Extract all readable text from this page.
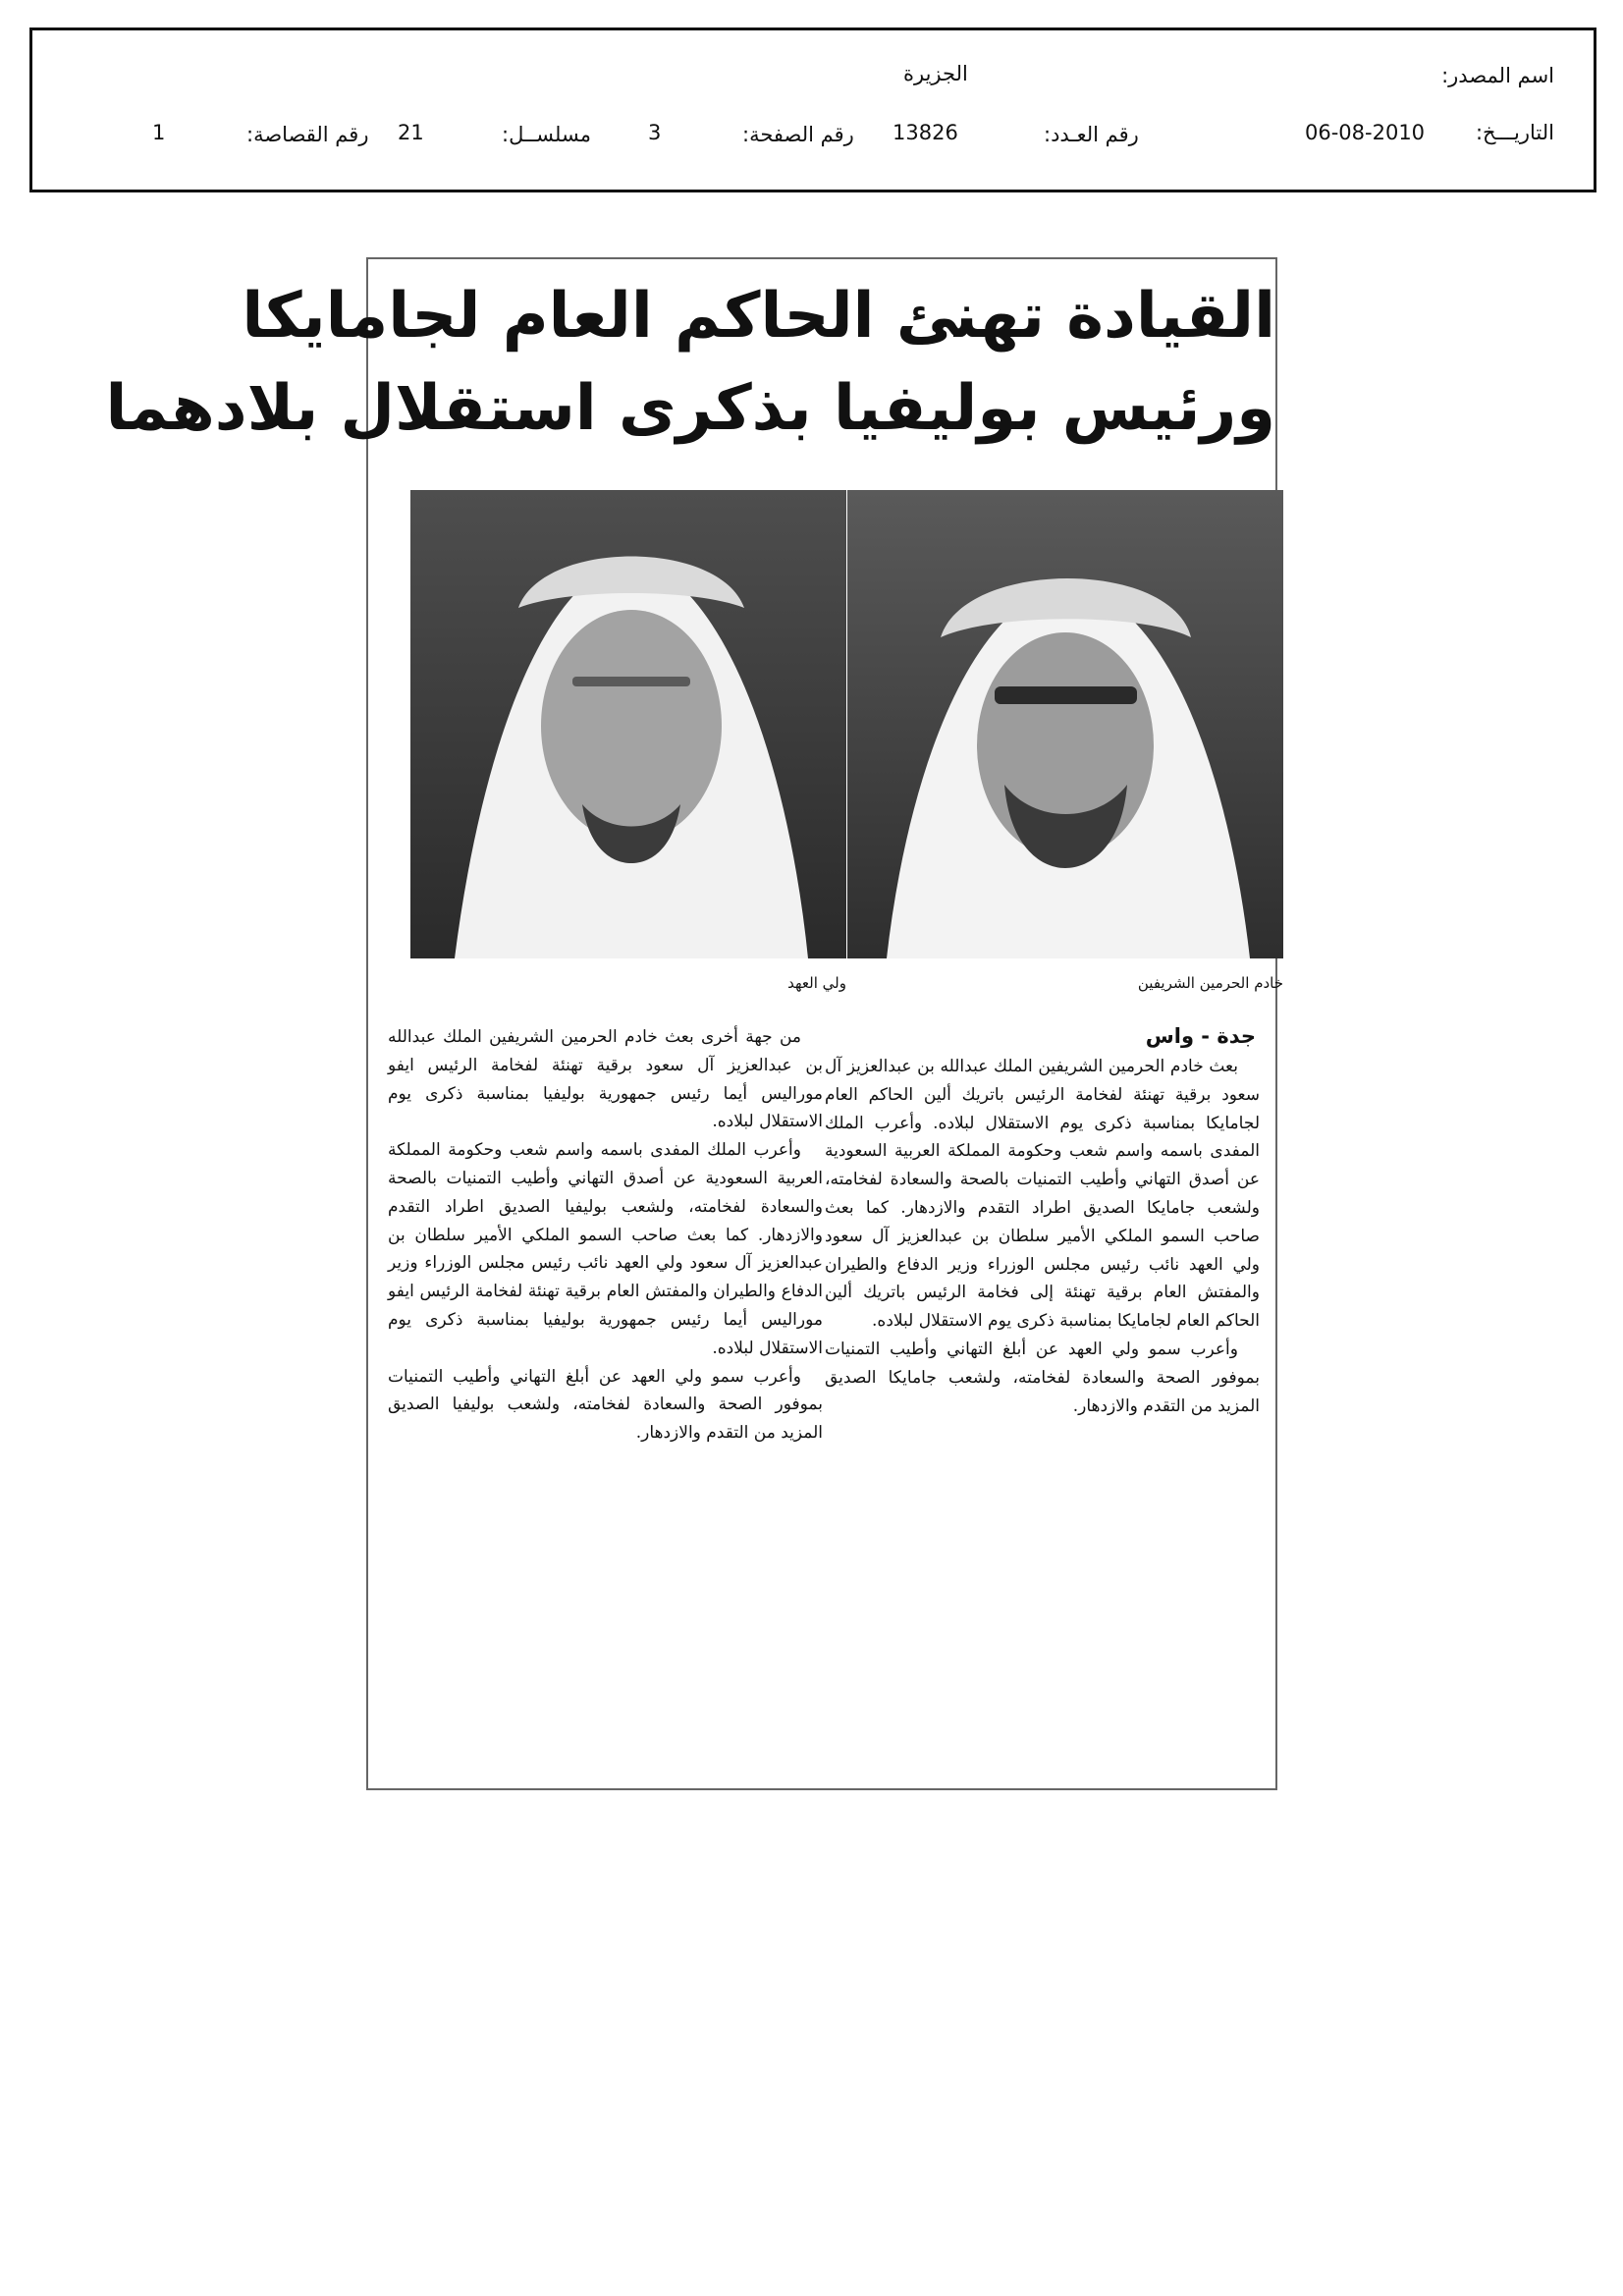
اسم المصدر:
الجزيرة
التاريـــخ:
06-08-2010
رقم العـدد:
13826
رقم الصفحة:
3
مسلســل:
21
رقم القصاصة:
1
القيادة تهنئ الحاكم العام لجامايكا
ورئيس بوليفيا بذكرى استقلال بلادهما
خادم الحرمين الشريفين
ولي العهد
جدة - واس

بعث خادم الحرمين الشريفين الملك عبدالله بن عبدالعزيز آل سعود برقية تهنئة لفخامة الرئيس باتريك ألين الحاكم العام لجامايكا بمناسبة ذكرى يوم الاستقلال لبلاده. وأعرب الملك المفدى باسمه واسم شعب وحكومة المملكة العربية السعودية عن أصدق التهاني وأطيب التمنيات بالصحة والسعادة لفخامته، ولشعب جامايكا الصديق اطراد التقدم والازدهار. كما بعث صاحب السمو الملكي الأمير سلطان بن عبدالعزيز آل سعود ولي العهد نائب رئيس مجلس الوزراء وزير الدفاع والطيران والمفتش العام برقية تهنئة إلى فخامة الرئيس باتريك ألين الحاكم العام لجامايكا بمناسبة ذكرى يوم الاستقلال لبلاده.

وأعرب سمو ولي العهد عن أبلغ التهاني وأطيب التمنيات بموفور الصحة والسعادة لفخامته، ولشعب جامايكا الصديق المزيد من التقدم والازدهار.

من جهة أخرى بعث خادم الحرمين الشريفين الملك عبدالله بن عبدالعزيز آل سعود برقية تهنئة لفخامة الرئيس ايفو موراليس أيما رئيس جمهورية بوليفيا بمناسبة ذكرى يوم الاستقلال لبلاده.

وأعرب الملك المفدى باسمه واسم شعب وحكومة المملكة العربية السعودية عن أصدق التهاني وأطيب التمنيات بالصحة والسعادة لفخامته، ولشعب بوليفيا الصديق اطراد التقدم والازدهار. كما بعث صاحب السمو الملكي الأمير سلطان بن عبدالعزيز آل سعود ولي العهد نائب رئيس مجلس الوزراء وزير الدفاع والطيران والمفتش العام برقية تهنئة لفخامة الرئيس ايفو موراليس أيما رئيس جمهورية بوليفيا بمناسبة ذكرى يوم الاستقلال لبلاده.

وأعرب سمو ولي العهد عن أبلغ التهاني وأطيب التمنيات بموفور الصحة والسعادة لفخامته، ولشعب بوليفيا الصديق المزيد من التقدم والازدهار.
